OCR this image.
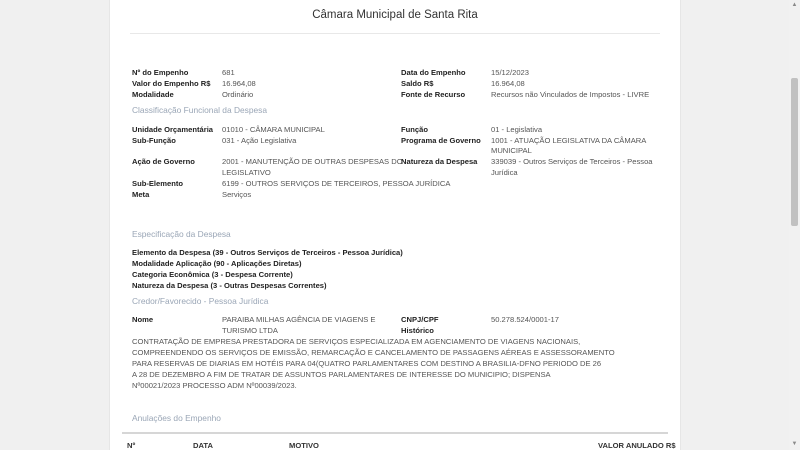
Câmara Municipal de Santa Rita
Nº do Empenho	681
Valor do Empenho R$ 16.964,08
Modalidade	Ordinário
Data do Empenho	15/12/2023
Saldo R$	16.964,08
Fonte de Recurso	Recursos não Vinculados de Impostos - LIVRE
Classificação Funcional da Despesa
Unidade Orçamentária 01010 - CÂMARA MUNICIPAL
Sub-Função	031 - Ação Legislativa
Ação de Governo	2001 - MANUTENÇÃO DE OUTRAS DESPESAS DO
LEGISLATIVO
Sub-Elemento	6199 - OUTROS SERVIÇOS DE TERCEIROS, PESSOA JURÍDICA
Meta	Serviços
Função	01 - Legislativa
Programa de Governo 1001 - ATUAÇÃO LEGISLATIVA DA CÂMARA
MUNICIPAL
Natureza da Despesa 339039 - Outros Serviços de Terceiros - Pessoa
Jurídica
Especificação da Despesa
Elemento da Despesa (39 - Outros Serviços de Terceiros - Pessoa Jurídica)
Modalidade Aplicação (90 - Aplicações Diretas)
Categoria Econômica (3 - Despesa Corrente)
Natureza da Despesa (3 - Outras Despesas Correntes)
Credor/Favorecido - Pessoa Jurídica
Nome	PARAIBA MILHAS AGÊNCIA DE VIAGENS E
TURISMO LTDA
CNPJ/CPF	50.278.524/0001-17
Histórico
CONTRATAÇÃO DE EMPRESA PRESTADORA DE SERVIÇOS ESPECIALIZADA EM AGENCIAMENTO DE VIAGENS NACIONAIS,
COMPREENDENDO OS SERVIÇOS DE EMISSÃO, REMARCAÇÃO E CANCELAMENTO DE PASSAGENS AÉREAS E ASSESSORAMENTO
PARA RESERVAS DE DIARIAS EM HOTÉIS PARA 04(QUATRO PARLAMENTARES COM DESTINO A BRASILIA-DFNO PERIODO DE 26
A 28 DE DEZEMBRO A FIM DE TRATAR DE ASSUNTOS PARLAMENTARES DE INTERESSE DO MUNICIPIO; DISPENSA
Nº00021/2023 PROCESSO ADM Nº00039/2023.
Anulações do Empenho
Nº	DATA	MOTIVO	VALOR ANULADO R$
▲
▼
